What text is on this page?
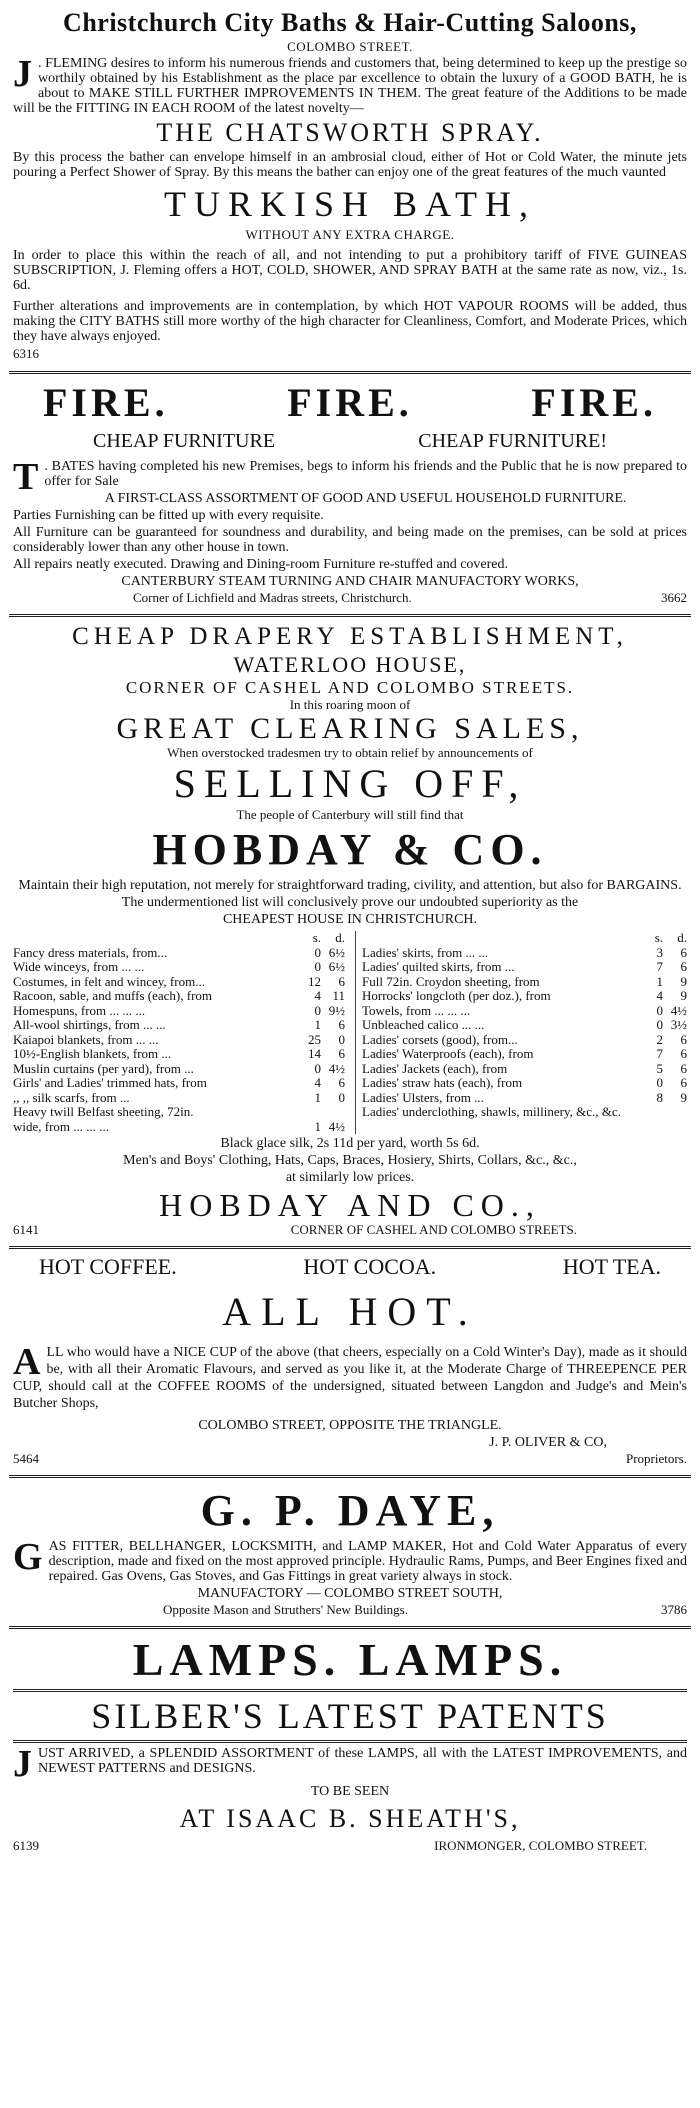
Christchurch City Baths & Hair-Cutting Saloons,
COLOMBO STREET.
J . FLEMING desires to inform his numerous friends and customers that, being determined to keep up the prestige so worthily obtained by his Establishment as the place par excellence to obtain the luxury of a GOOD BATH, he is about to MAKE STILL FURTHER IMPROVEMENTS IN THEM. The great feature of the Additions to be made will be the FITTING IN EACH ROOM of the latest novelty—
THE CHATSWORTH SPRAY.
By this process the bather can envelope himself in an ambrosial cloud, either of Hot or Cold Water, the minute jets pouring a Perfect Shower of Spray. By this means the bather can enjoy one of the great features of the much vaunted
TURKISH BATH,
WITHOUT ANY EXTRA CHARGE.
In order to place this within the reach of all, and not intending to put a prohibitory tariff of FIVE GUINEAS SUBSCRIPTION, J. Fleming offers a HOT, COLD, SHOWER, AND SPRAY BATH at the same rate as now, viz., 1s. 6d.
Further alterations and improvements are in contemplation, by which HOT VAPOUR ROOMS will be added, thus making the CITY BATHS still more worthy of the high character for Cleanliness, Comfort, and Moderate Prices, which they have always enjoyed.
6316
FIRE.	FIRE.	FIRE.
CHEAP FURNITURE	CHEAP FURNITURE!
T . BATES having completed his new Premises, begs to inform his friends and the Public that he is now prepared to offer for Sale
A FIRST-CLASS ASSORTMENT OF GOOD AND USEFUL HOUSEHOLD FURNITURE.
Parties Furnishing can be fitted up with every requisite.
All Furniture can be guaranteed for soundness and durability, and being made on the premises, can be sold at prices considerably lower than any other house in town.
All repairs neatly executed. Drawing and Dining-room Furniture re-stuffed and covered.
CANTERBURY STEAM TURNING AND CHAIR MANUFACTORY WORKS,
Corner of Lichfield and Madras streets, Christchurch.	3662
CHEAP DRAPERY ESTABLISHMENT,
WATERLOO HOUSE,
CORNER OF CASHEL AND COLOMBO STREETS.
In this roaring moon of
GREAT CLEARING SALES,
When overstocked tradesmen try to obtain relief by announcements of
SELLING OFF,
The people of Canterbury will still find that
HOBDAY & CO.
Maintain their high reputation, not merely for straightforward trading, civility, and attention, but also for BARGAINS.
The undermentioned list will conclusively prove our undoubted superiority as the
CHEAPEST HOUSE IN CHRISTCHURCH.
s.	d.
Fancy dress materials, from...	0 6½
Wide winceys, from ... ...	0 6½
Costumes, in felt and wincey, from...	12	6
Racoon, sable, and muffs (each), from	4 11
Homespuns, from ... ... ...	0 9½
All-wool shirtings, from ... ...	1	6
Kaiapoi blankets, from ... ...	25	0
10½-English blankets, from ...	14	6
Muslin curtains (per yard), from ...	0 4½
Girls' and Ladies' trimmed hats, from	4	6
,, ,, silk scarfs, from ...	1	0
Heavy twill Belfast sheeting, 72in.
wide, from ... ... ...	1 4½
s.	d.
Ladies' skirts, from ... ...	3	6
Ladies' quilted skirts, from ...	7	6
Full 72in. Croydon sheeting, from	1	9
Horrocks' longcloth (per doz.), from	4	9
Towels, from ... ... ...	0 4½
Unbleached calico ... ...	0 3½
Ladies' corsets (good), from...	2	6
Ladies' Waterproofs (each), from	7	6
Ladies' Jackets (each), from	5	6
Ladies' straw hats (each), from	0	6
Ladies' Ulsters, from ...	8	9
Ladies' underclothing, shawls, millinery, &c., &c.
Black glace silk, 2s 11d per yard, worth 5s 6d.
Men's and Boys' Clothing, Hats, Caps, Braces, Hosiery, Shirts, Collars, &c., &c.,
at similarly low prices.
HOBDAY AND CO.,
6141	CORNER OF CASHEL AND COLOMBO STREETS.
HOT COFFEE.	HOT COCOA.	HOT TEA.
ALL HOT.
ALL who would have a NICE CUP of the above (that cheers, especially on a Cold Winter's Day), made as it should be, with all their Aromatic Flavours, and served as you like it, at the Moderate Charge of THREEPENCE PER CUP, should call at the COFFEE ROOMS of the undersigned, situated between Langdon and Judge's and Mein's Butcher Shops,
COLOMBO STREET, OPPOSITE THE TRIANGLE.
J. P. OLIVER & CO,
5464	Proprietors.
G. P. DAYE,
GAS FITTER, BELLHANGER, LOCKSMITH, and LAMP MAKER, Hot and Cold Water Apparatus of every description, made and fixed on the most approved principle. Hydraulic Rams, Pumps, and Beer Engines fixed and repaired. Gas Ovens, Gas Stoves, and Gas Fittings in great variety always in stock.
MANUFACTORY — COLOMBO STREET SOUTH,
Opposite Mason and Struthers' New Buildings.	3786
LAMPS. LAMPS.
SILBER'S LATEST PATENTS
JUST ARRIVED, a SPLENDID ASSORTMENT of these LAMPS, all with the LATEST IMPROVEMENTS, and NEWEST PATTERNS and DESIGNS.
TO BE SEEN
AT ISAAC B. SHEATH'S,
6139	IRONMONGER, COLOMBO STREET.
